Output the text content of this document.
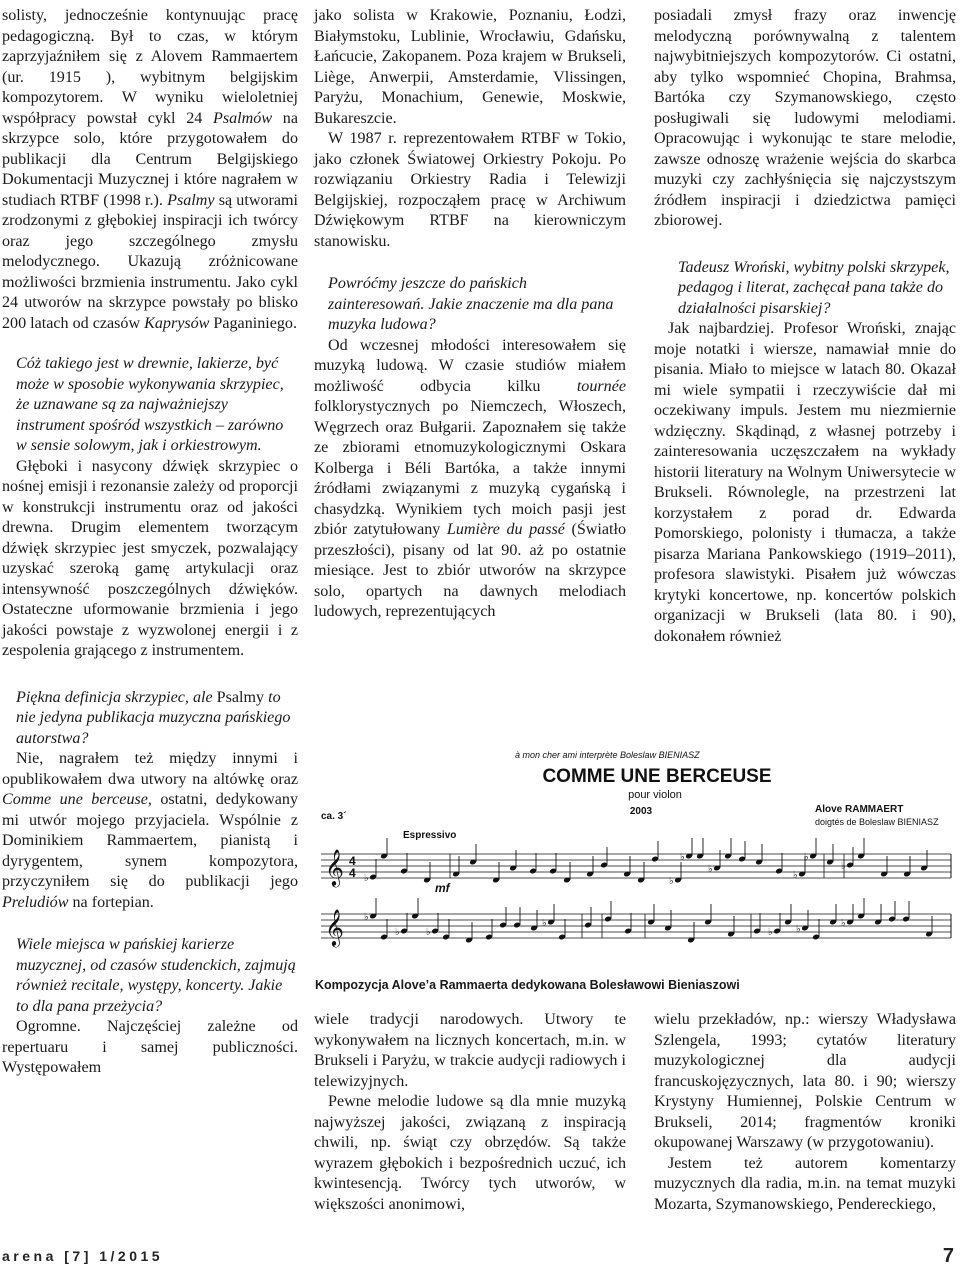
solisty, jednocześnie kontynuując pracę pedagogiczną. Był to czas, w którym zaprzyjaźniłem się z Alovem Rammaertem (ur. 1915 ), wybitnym belgijskim kompozytorem. W wyniku wieloletniej współpracy powstał cykl 24 Psalmów na skrzypce solo, które przygotowałem do publikacji dla Centrum Belgijskiego Dokumentacji Muzycznej i które nagrałem w studiach RTBF (1998 r.). Psalmy są utworami zrodzonymi z głębokiej inspiracji ich twórcy oraz jego szczególnego zmysłu melodycznego. Ukazują zróżnicowane możliwości brzmienia instrumentu. Jako cykl 24 utworów na skrzypce powstały po blisko 200 latach od czasów Kaprysów Paganiniego.

Cóż takiego jest w drewnie, lakierze, być może w sposobie wykonywania skrzypiec, że uznawane są za najważniejszy instrument spośród wszystkich – zarówno w sensie solowym, jak i orkiestrowym.

Głęboki i nasycony dźwięk skrzypiec o nośnej emisji i rezonansie zależy od proporcji w konstrukcji instrumentu oraz od jakości drewna. Drugim elementem tworzącym dźwięk skrzypiec jest smyczek, pozwalający uzyskać szeroką gamę artykulacji oraz intensywność poszczególnych dźwięków. Ostateczne uformowanie brzmienia i jego jakości powstaje z wyzwolonej energii i z zespolenia grającego z instrumentem.

Piękna definicja skrzypiec, ale Psalmy to nie jedyna publikacja muzyczna pańskiego autorstwa?

Nie, nagrałem też między innymi i opublikowałem dwa utwory na altówkę oraz Comme une berceuse, ostatni, dedykowany mi utwór mojego przyjaciela. Wspólnie z Dominikiem Rammaertem, pianistą i dyrygentem, synem kompozytora, przyczyniłem się do publikacji jego Preludiów na fortepian.

Wiele miejsca w pańskiej karierze muzycznej, od czasów studenckich, zajmują również recitale, występy, koncerty. Jakie to dla pana przeżycia?

Ogromne. Najczęściej zależne od repertuaru i samej publiczności. Występowałem

jako solista w Krakowie, Poznaniu, Łodzi, Białymstoku, Lublinie, Wrocławiu, Gdańsku, Łańcucie, Zakopanem. Poza krajem w Brukseli, Liège, Anwerpii, Amsterdamie, Vlissingen, Paryżu, Monachium, Genewie, Moskwie, Bukareszcie.

W 1987 r. reprezentowałem RTBF w Tokio, jako członek Światowej Orkiestry Pokoju. Po rozwiązaniu Orkiestry Radia i Telewizji Belgijskiej, rozpocząłem pracę w Archiwum Dźwiękowym RTBF na kierowniczym stanowisku.

Powróćmy jeszcze do pańskich zainteresowań. Jakie znaczenie ma dla pana muzyka ludowa?

Od wczesnej młodości interesowałem się muzyką ludową. W czasie studiów miałem możliwość odbycia kilku tournée folklorystycznych po Niemczech, Włoszech, Węgrzech oraz Bułgarii. Zapoznałem się także ze zbiorami etnomuzykologicznymi Oskara Kolberga i Béli Bartóka, a także innymi źródłami związanymi z muzyką cygańską i chasydzką. Wynikiem tych moich pasji jest zbiór zatytułowany Lumière du passé (Światło przeszłości), pisany od lat 90. aż po ostatnie miesiące. Jest to zbiór utworów na skrzypce solo, opartych na dawnych melodiach ludowych, reprezentujących

posiadali zmysł frazy oraz inwencję melodyczną porównywalną z talentem najwybitniejszych kompozytorów. Ci ostatni, aby tylko wspomnieć Chopina, Brahmsa, Bartóka czy Szymanowskiego, często posługiwali się ludowymi melodiami. Opracowując i wykonując te stare melodie, zawsze odnoszę wrażenie wejścia do skarbca muzyki czy zachłyśnięcia się najczystszym źródłem inspiracji i dziedzictwa pamięci zbiorowej.

Tadeusz Wroński, wybitny polski skrzypek, pedagog i literat, zachęcał pana także do działalności pisarskiej?

Jak najbardziej. Profesor Wroński, znając moje notatki i wiersze, namawiał mnie do pisania. Miało to miejsce w latach 80. Okazał mi wiele sympatii i rzeczywiście dał mi oczekiwany impuls. Jestem mu niezmiernie wdzięczny. Skądinąd, z własnej potrzeby i zainteresowania uczęszczałem na wykłady historii literatury na Wolnym Uniwersytecie w Brukseli. Równolegle, na przestrzeni lat korzystałem z porad dr. Edwarda Pomorskiego, polonisty i tłumacza, a także pisarza Mariana Pankowskiego (1919–2011), profesora slawistyki. Pisałem już wówczas krytyki koncertowe, np. koncertów polskich organizacji w Brukseli (lata 80. i 90), dokonałem również

à mon cher ami interprète Boleslaw BIENIASZ
COMME UNE BERCEUSE
pour violon
2003
ca. 3´
Alove RAMMAERT
doigtés de Boleslaw BIENIASZ
Espressivo
mf
𝄞 4
4 ♭	♭
♭
♭
♭
♭
♭
𝄞 ♭
♭	♭
♭
♭ ♭
♭
Kompozycja Alove’a Rammaerta dedykowana Bolesławowi Bieniaszowi

wiele tradycji narodowych. Utwory te wykonywałem na licznych koncertach, m.in. w Brukseli i Paryżu, w trakcie audycji radiowych i telewizyjnych.

Pewne melodie ludowe są dla mnie muzyką najwyższej jakości, związaną z inspiracją chwili, np. świąt czy obrzędów. Są także wyrazem głębokich i bezpośrednich uczuć, ich kwintesencją. Twórcy tych utworów, w większości anonimowi,

wielu przekładów, np.: wierszy Władysława Szlengela, 1993; cytatów literatury muzykologicznej dla audycji francuskojęzycznych, lata 80. i 90; wierszy Krystyny Humiennej, Polskie Centrum w Brukseli, 2014; fragmentów kroniki okupowanej Warszawy (w przygotowaniu).

Jestem też autorem komentarzy muzycznych dla radia, m.in. na temat muzyki Mozarta, Szymanowskiego, Pendereckiego,

arena [7] 1/2015	7
